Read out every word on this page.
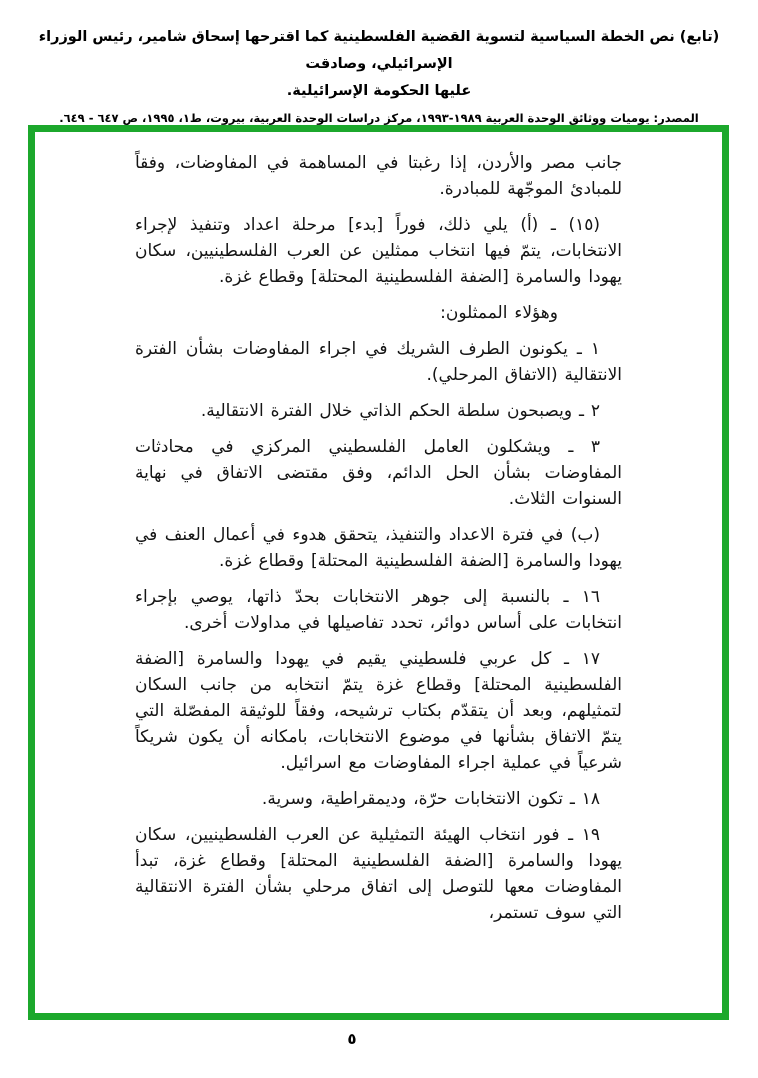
(تابع) نص الخطة السياسية لتسوية القضية الفلسطينية كما اقترحها إسحاق شامير، رئيس الوزراء الإسرائيلي، وصادقت
عليها الحكومة الإسرائيلية.
المصدر: يوميات ووثائق الوحدة العربية ١٩٨٩-١٩٩٣، مركز دراسات الوحدة العربية، بيروت، ط١، ١٩٩٥، ص ٦٤٧ - ٦٤٩.

جانب مصر والأردن، إذا رغبتا في المساهمة في المفاوضات، وفقاً للمبادئ الموجّهة للمبادرة.

(١٥) ـ (أ) يلي ذلك، فوراً [بدء] مرحلة اعداد وتنفيذ لإجراء الانتخابات، يتمّ فيها انتخاب ممثلين عن العرب الفلسطينيين، سكان يهودا والسامرة [الضفة الفلسطينية المحتلة] وقطاع غزة.

وهؤلاء الممثلون:

١ ـ يكونون الطرف الشريك في اجراء المفاوضات بشأن الفترة الانتقالية (الاتفاق المرحلي).

٢ ـ ويصبحون سلطة الحكم الذاتي خلال الفترة الانتقالية.

٣ ـ ويشكلون العامل الفلسطيني المركزي في محادثات المفاوضات بشأن الحل الدائم، وفق مقتضى الاتفاق في نهاية السنوات الثلاث.

(ب) في فترة الاعداد والتنفيذ، يتحقق هدوء في أعمال العنف في يهودا والسامرة [الضفة الفلسطينية المحتلة] وقطاع غزة.

١٦ ـ بالنسبة إلى جوهر الانتخابات بحدّ ذاتها، يوصي بإجراء انتخابات على أساس دوائر، تحدد تفاصيلها في مداولات أخرى.

١٧ ـ كل عربي فلسطيني يقيم في يهودا والسامرة [الضفة الفلسطينية المحتلة] وقطاع غزة يتمّ انتخابه من جانب السكان لتمثيلهم، وبعد أن يتقدّم بكتاب ترشيحه، وفقاً للوثيقة المفصّلة التي يتمّ الاتفاق بشأنها في موضوع الانتخابات، بامكانه أن يكون شريكاً شرعياً في عملية اجراء المفاوضات مع اسرائيل.

١٨ ـ تكون الانتخابات حرّة، وديمقراطية، وسرية.

١٩ ـ فور انتخاب الهيئة التمثيلية عن العرب الفلسطينيين، سكان يهودا والسامرة [الضفة الفلسطينية المحتلة] وقطاع غزة، تبدأ المفاوضات معها للتوصل إلى اتفاق مرحلي بشأن الفترة الانتقالية التي سوف تستمر،

٥
